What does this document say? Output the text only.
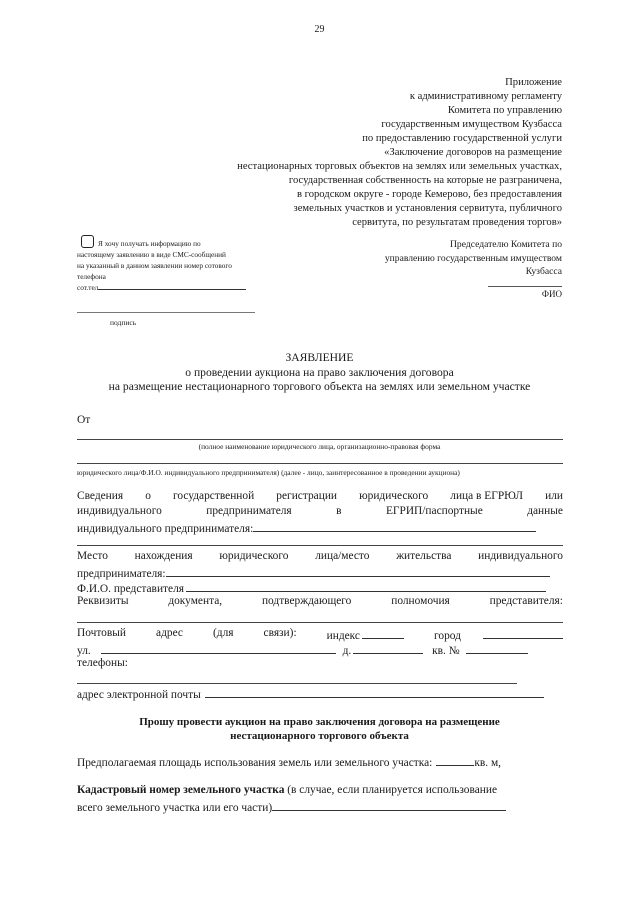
29
Приложение
к административному регламенту
Комитета по управлению
государственным имуществом Кузбасса
по предоставлению государственной услуги
«Заключение договоров на размещение
нестационарных торговых объектов на землях или земельных участках,
государственная собственность на которые не разграничена,
в городском округе - городе Кемерово, без предоставления
земельных участков и установления сервитута, публичного
сервитута, по результатам проведения торгов»
Я хочу получать информацию по
настоящему заявлению в виде СМС-сообщений
на указанный в данном заявлении номер сотового
телефона
сот.тел
подпись
Председателю Комитета по
управлению государственным имуществом
Кузбасса
ФИО
ЗАЯВЛЕНИЕ
о проведении аукциона на право заключения договора
на размещение нестационарного торгового объекта на землях или земельном участке
От
(полное наименование юридического лица, организационно-правовая форма
юридического лица/Ф.И.О. индивидуального предпринимателя) (далее - лицо, заинтересованное в проведении аукциона)
Сведения о государственной регистрации юридического лица в ЕГРЮЛ или
индивидуального	предпринимателя	в	ЕГРИП/паспортные	данные
индивидуального предпринимателя:
Место нахождения юридического лица/место жительства индивидуального
предпринимателя:
Ф.И.О. представителя
Реквизиты	документа,	подтверждающего	полномочия	представителя:
Почтовый	адрес	(для	связи):	индекс	город
ул.	д.	кв. №
телефоны:
адрес электронной почты
Прошу провести аукцион на право заключения договора на размещение
нестационарного торгового объекта
Предполагаемая площадь использования земель или земельного участка:	кв. м,
Кадастровый номер земельного участка (в случае, если планируется использование
всего земельного участка или его части)
